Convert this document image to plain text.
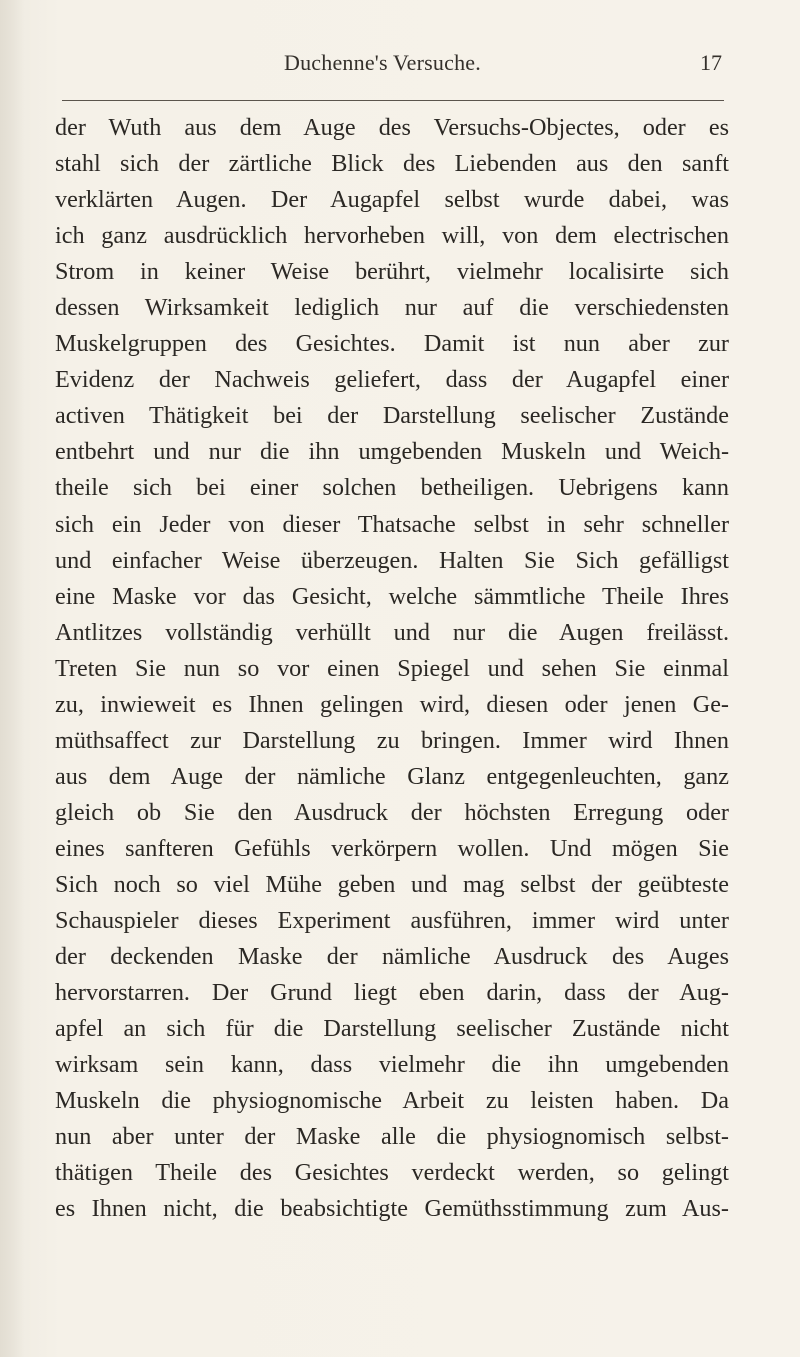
Duchenne's Versuche.	17
der Wuth aus dem Auge des Versuchs-Objectes, oder es
stahl sich der zärtliche Blick des Liebenden aus den sanft
verklärten Augen. Der Augapfel selbst wurde dabei, was
ich ganz ausdrücklich hervorheben will, von dem electrischen
Strom in keiner Weise berührt, vielmehr localisirte sich
dessen Wirksamkeit lediglich nur auf die verschiedensten
Muskelgruppen des Gesichtes. Damit ist nun aber zur
Evidenz der Nachweis geliefert, dass der Augapfel einer
activen Thätigkeit bei der Darstellung seelischer Zustände
entbehrt und nur die ihn umgebenden Muskeln und Weich-
theile sich bei einer solchen betheiligen. Uebrigens kann
sich ein Jeder von dieser Thatsache selbst in sehr schneller
und einfacher Weise überzeugen. Halten Sie Sich gefälligst
eine Maske vor das Gesicht, welche sämmtliche Theile Ihres
Antlitzes vollständig verhüllt und nur die Augen freilässt.
Treten Sie nun so vor einen Spiegel und sehen Sie einmal
zu, inwieweit es Ihnen gelingen wird, diesen oder jenen Ge-
müthsaffect zur Darstellung zu bringen. Immer wird Ihnen
aus dem Auge der nämliche Glanz entgegenleuchten, ganz
gleich ob Sie den Ausdruck der höchsten Erregung oder
eines sanfteren Gefühls verkörpern wollen. Und mögen Sie
Sich noch so viel Mühe geben und mag selbst der geübteste
Schauspieler dieses Experiment ausführen, immer wird unter
der deckenden Maske der nämliche Ausdruck des Auges
hervorstarren. Der Grund liegt eben darin, dass der Aug-
apfel an sich für die Darstellung seelischer Zustände nicht
wirksam sein kann, dass vielmehr die ihn umgebenden
Muskeln die physiognomische Arbeit zu leisten haben. Da
nun aber unter der Maske alle die physiognomisch selbst-
thätigen Theile des Gesichtes verdeckt werden, so gelingt
es Ihnen nicht, die beabsichtigte Gemüthsstimmung zum Aus-
